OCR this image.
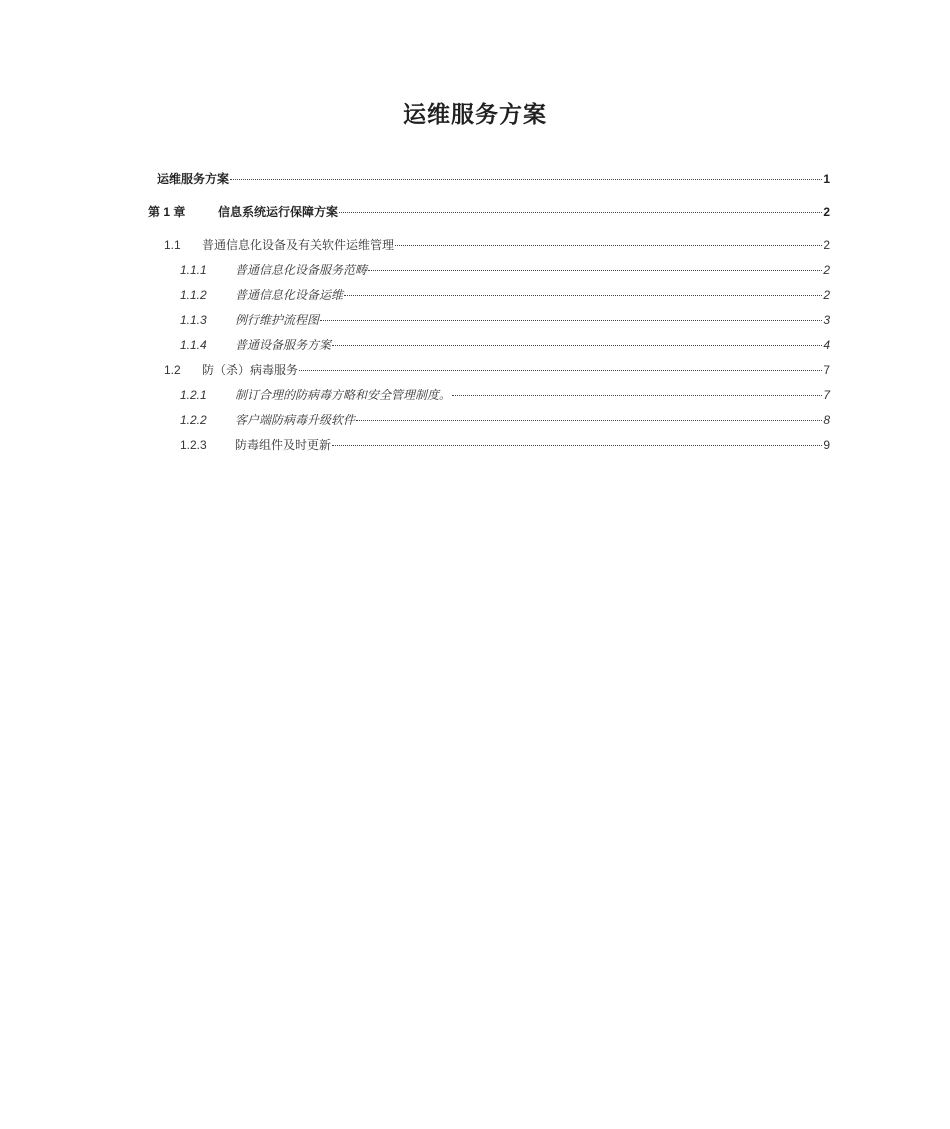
运维服务方案
运维服务方案	1
第 1 章	信息系统运行保障方案	2
1.1	普通信息化设备及有关软件运维管理	2
1.1.1	普通信息化设备服务范畴	2
1.1.2	普通信息化设备运维	2
1.1.3	例行维护流程图	3
1.1.4	普通设备服务方案	4
1.2	防（杀）病毒服务	7
1.2.1	制订合理的防病毒方略和安全管理制度。	7
1.2.2	客户端防病毒升级软件	8
1.2.3	防毒组件及时更新	9
